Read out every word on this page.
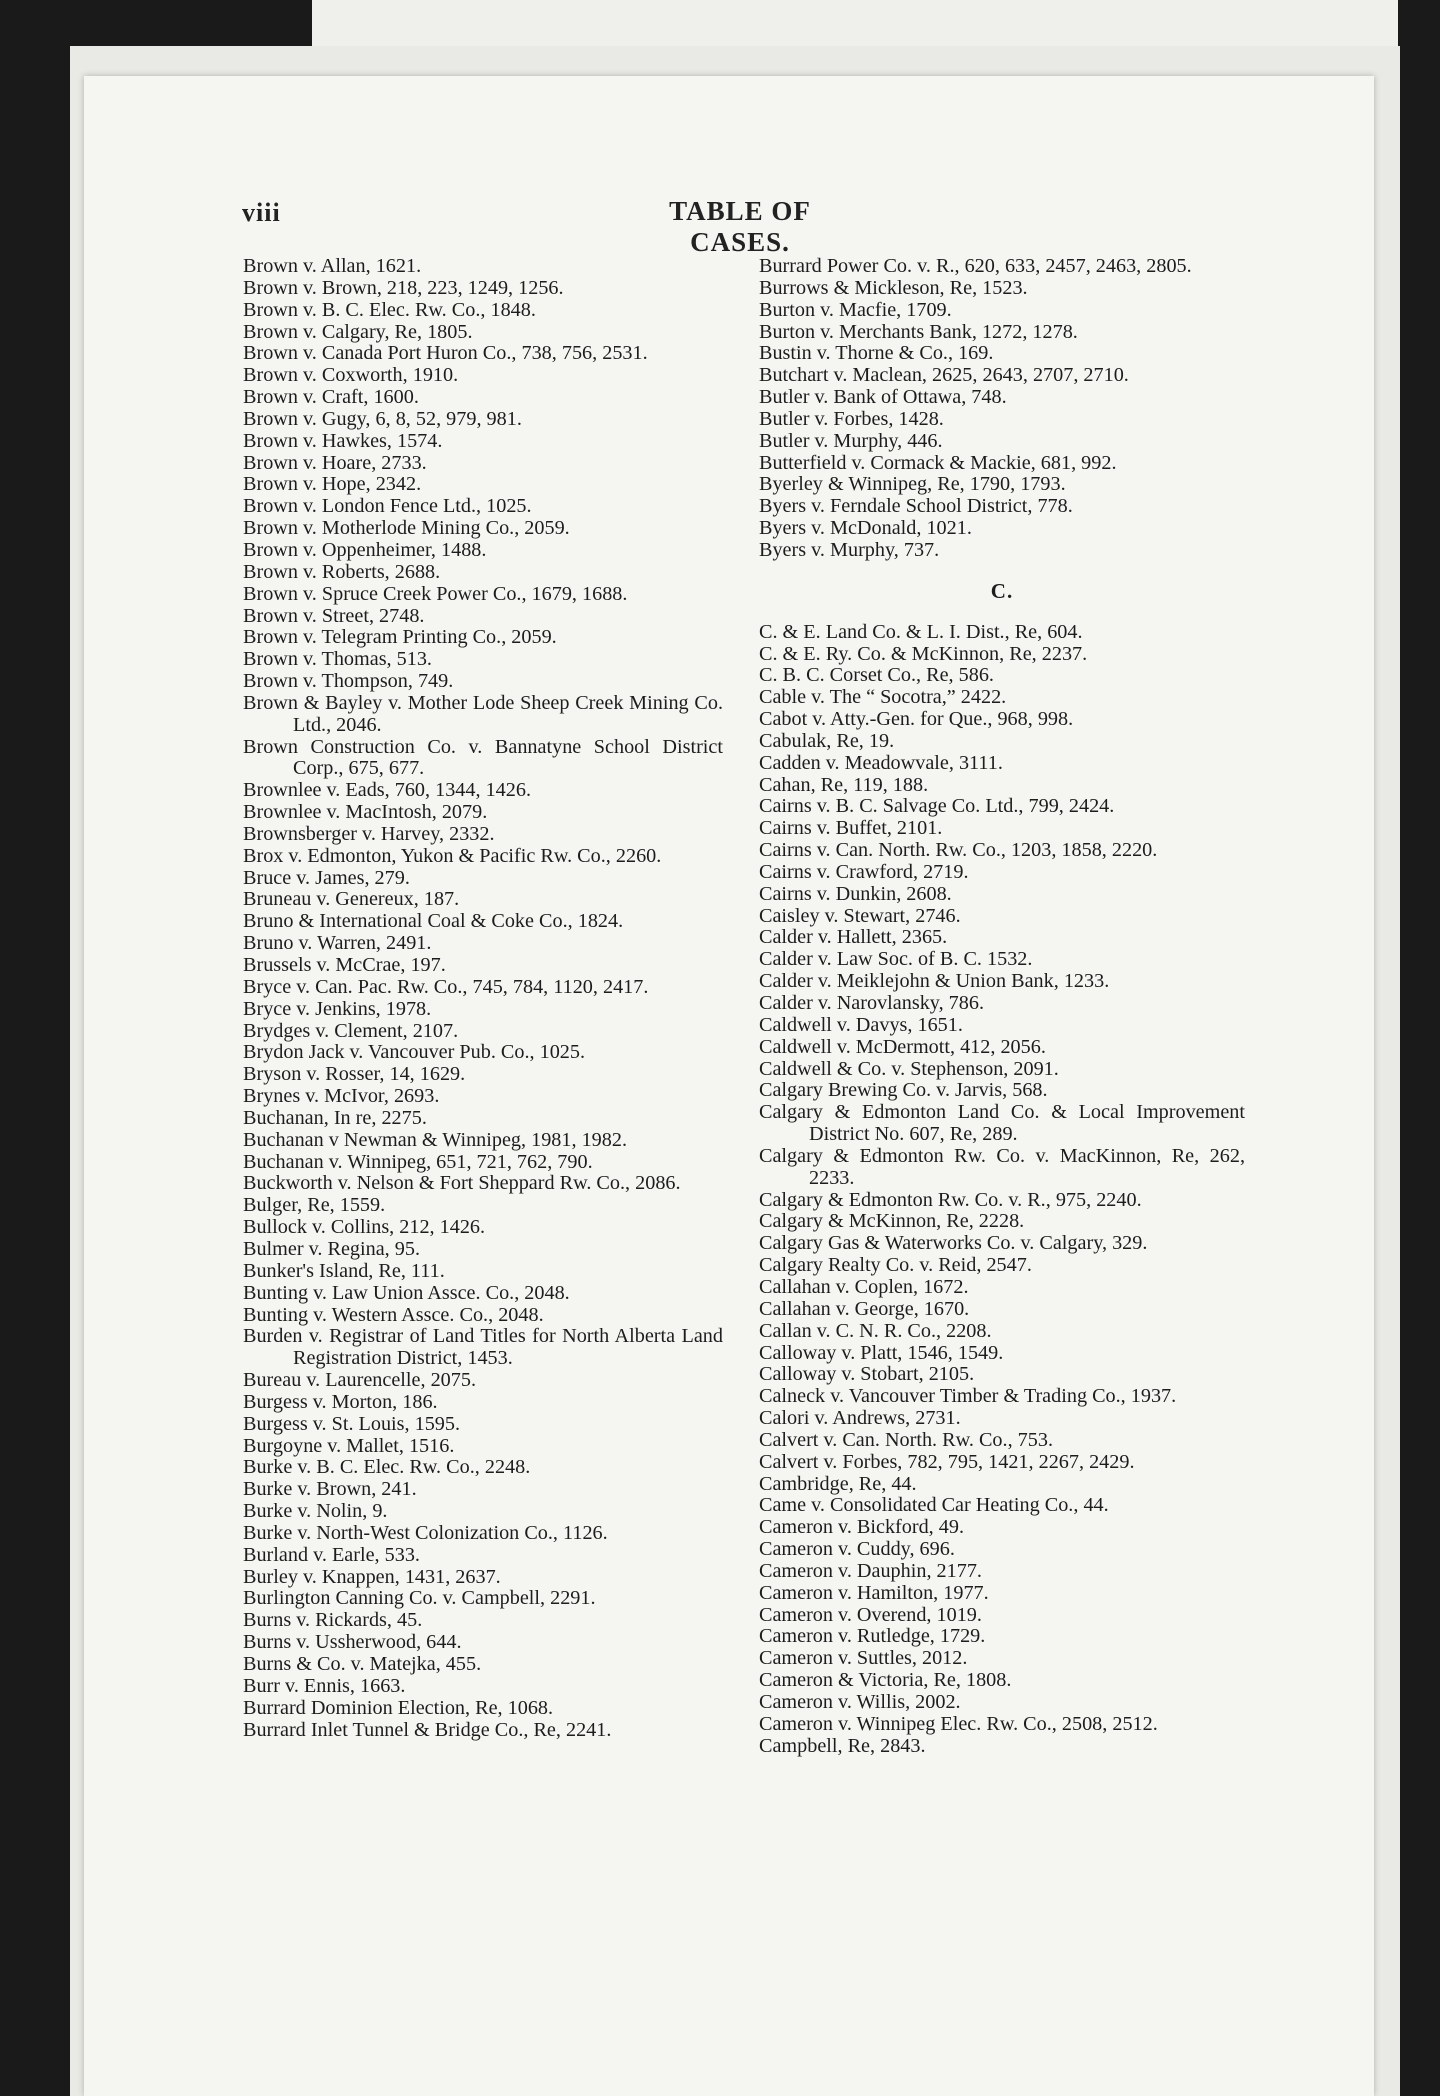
viii	TABLE OF CASES.
Brown v. Allan, 1621.
Brown v. Brown, 218, 223, 1249, 1256.
Brown v. B. C. Elec. Rw. Co., 1848.
Brown v. Calgary, Re, 1805.
Brown v. Canada Port Huron Co., 738, 756, 2531.
Brown v. Coxworth, 1910.
Brown v. Craft, 1600.
Brown v. Gugy, 6, 8, 52, 979, 981.
Brown v. Hawkes, 1574.
Brown v. Hoare, 2733.
Brown v. Hope, 2342.
Brown v. London Fence Ltd., 1025.
Brown v. Motherlode Mining Co., 2059.
Brown v. Oppenheimer, 1488.
Brown v. Roberts, 2688.
Brown v. Spruce Creek Power Co., 1679, 1688.
Brown v. Street, 2748.
Brown v. Telegram Printing Co., 2059.
Brown v. Thomas, 513.
Brown v. Thompson, 749.
Brown & Bayley v. Mother Lode Sheep Creek Mining Co. Ltd., 2046.
Brown Construction Co. v. Bannatyne School District Corp., 675, 677.
Brownlee v. Eads, 760, 1344, 1426.
Brownlee v. MacIntosh, 2079.
Brownsberger v. Harvey, 2332.
Brox v. Edmonton, Yukon & Pacific Rw. Co., 2260.
Bruce v. James, 279.
Bruneau v. Genereux, 187.
Bruno & International Coal & Coke Co., 1824.
Bruno v. Warren, 2491.
Brussels v. McCrae, 197.
Bryce v. Can. Pac. Rw. Co., 745, 784, 1120, 2417.
Bryce v. Jenkins, 1978.
Brydges v. Clement, 2107.
Brydon Jack v. Vancouver Pub. Co., 1025.
Bryson v. Rosser, 14, 1629.
Brynes v. McIvor, 2693.
Buchanan, In re, 2275.
Buchanan v Newman & Winnipeg, 1981, 1982.
Buchanan v. Winnipeg, 651, 721, 762, 790.
Buckworth v. Nelson & Fort Sheppard Rw. Co., 2086.
Bulger, Re, 1559.
Bullock v. Collins, 212, 1426.
Bulmer v. Regina, 95.
Bunker's Island, Re, 111.
Bunting v. Law Union Assce. Co., 2048.
Bunting v. Western Assce. Co., 2048.
Burden v. Registrar of Land Titles for North Alberta Land Registration District, 1453.
Bureau v. Laurencelle, 2075.
Burgess v. Morton, 186.
Burgess v. St. Louis, 1595.
Burgoyne v. Mallet, 1516.
Burke v. B. C. Elec. Rw. Co., 2248.
Burke v. Brown, 241.
Burke v. Nolin, 9.
Burke v. North-West Colonization Co., 1126.
Burland v. Earle, 533.
Burley v. Knappen, 1431, 2637.
Burlington Canning Co. v. Campbell, 2291.
Burns v. Rickards, 45.
Burns v. Ussherwood, 644.
Burns & Co. v. Matejka, 455.
Burr v. Ennis, 1663.
Burrard Dominion Election, Re, 1068.
Burrard Inlet Tunnel & Bridge Co., Re, 2241.
Burrard Power Co. v. R., 620, 633, 2457, 2463, 2805.
Burrows & Mickleson, Re, 1523.
Burton v. Macfie, 1709.
Burton v. Merchants Bank, 1272, 1278.
Bustin v. Thorne & Co., 169.
Butchart v. Maclean, 2625, 2643, 2707, 2710.
Butler v. Bank of Ottawa, 748.
Butler v. Forbes, 1428.
Butler v. Murphy, 446.
Butterfield v. Cormack & Mackie, 681, 992.
Byerley & Winnipeg, Re, 1790, 1793.
Byers v. Ferndale School District, 778.
Byers v. McDonald, 1021.
Byers v. Murphy, 737.
C.
C. & E. Land Co. & L. I. Dist., Re, 604.
C. & E. Ry. Co. & McKinnon, Re, 2237.
C. B. C. Corset Co., Re, 586.
Cable v. The “ Socotra,” 2422.
Cabot v. Atty.-Gen. for Que., 968, 998.
Cabulak, Re, 19.
Cadden v. Meadowvale, 3111.
Cahan, Re, 119, 188.
Cairns v. B. C. Salvage Co. Ltd., 799, 2424.
Cairns v. Buffet, 2101.
Cairns v. Can. North. Rw. Co., 1203, 1858, 2220.
Cairns v. Crawford, 2719.
Cairns v. Dunkin, 2608.
Caisley v. Stewart, 2746.
Calder v. Hallett, 2365.
Calder v. Law Soc. of B. C. 1532.
Calder v. Meiklejohn & Union Bank, 1233.
Calder v. Narovlansky, 786.
Caldwell v. Davys, 1651.
Caldwell v. McDermott, 412, 2056.
Caldwell & Co. v. Stephenson, 2091.
Calgary Brewing Co. v. Jarvis, 568.
Calgary & Edmonton Land Co. & Local Improvement District No. 607, Re, 289.
Calgary & Edmonton Rw. Co. v. MacKinnon, Re, 262, 2233.
Calgary & Edmonton Rw. Co. v. R., 975, 2240.
Calgary & McKinnon, Re, 2228.
Calgary Gas & Waterworks Co. v. Calgary, 329.
Calgary Realty Co. v. Reid, 2547.
Callahan v. Coplen, 1672.
Callahan v. George, 1670.
Callan v. C. N. R. Co., 2208.
Calloway v. Platt, 1546, 1549.
Calloway v. Stobart, 2105.
Calneck v. Vancouver Timber & Trading Co., 1937.
Calori v. Andrews, 2731.
Calvert v. Can. North. Rw. Co., 753.
Calvert v. Forbes, 782, 795, 1421, 2267, 2429.
Cambridge, Re, 44.
Came v. Consolidated Car Heating Co., 44.
Cameron v. Bickford, 49.
Cameron v. Cuddy, 696.
Cameron v. Dauphin, 2177.
Cameron v. Hamilton, 1977.
Cameron v. Overend, 1019.
Cameron v. Rutledge, 1729.
Cameron v. Suttles, 2012.
Cameron & Victoria, Re, 1808.
Cameron v. Willis, 2002.
Cameron v. Winnipeg Elec. Rw. Co., 2508, 2512.
Campbell, Re, 2843.
